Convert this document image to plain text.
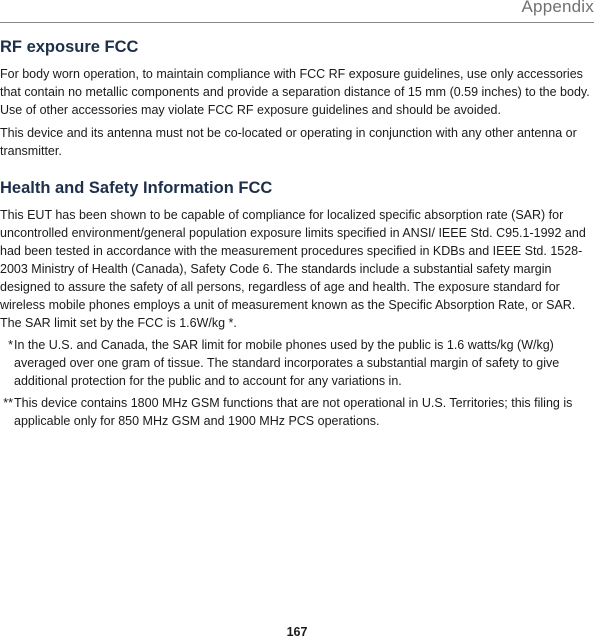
Appendix
RF exposure FCC

For body worn operation, to maintain compliance with FCC RF exposure guidelines, use only accessories that contain no metallic components and provide a separation distance of 15 mm (0.59 inches) to the body. Use of other accessories may violate FCC RF exposure guidelines and should be avoided.

This device and its antenna must not be co-located or operating in conjunction with any other antenna or transmitter.

Health and Safety Information FCC

This EUT has been shown to be capable of compliance for localized specific absorption rate (SAR) for uncontrolled environment/general population exposure limits specified in ANSI/ IEEE Std. C95.1-1992 and had been tested in accordance with the measurement procedures specified in KDBs and IEEE Std. 1528-2003 Ministry of Health (Canada), Safety Code 6. The standards include a substantial safety margin designed to assure the safety of all persons, regardless of age and health. The exposure standard for wireless mobile phones employs a unit of measurement known as the Specific Absorption Rate, or SAR. The SAR limit set by the FCC is 1.6W/kg *.

* In the U.S. and Canada, the SAR limit for mobile phones used by the public is 1.6 watts/kg (W/kg) averaged over one gram of tissue. The standard incorporates a substantial margin of safety to give additional protection for the public and to account for any variations in.
** This device contains 1800 MHz GSM functions that are not operational in U.S. Territories; this filing is applicable only for 850 MHz GSM and 1900 MHz PCS operations.
167
